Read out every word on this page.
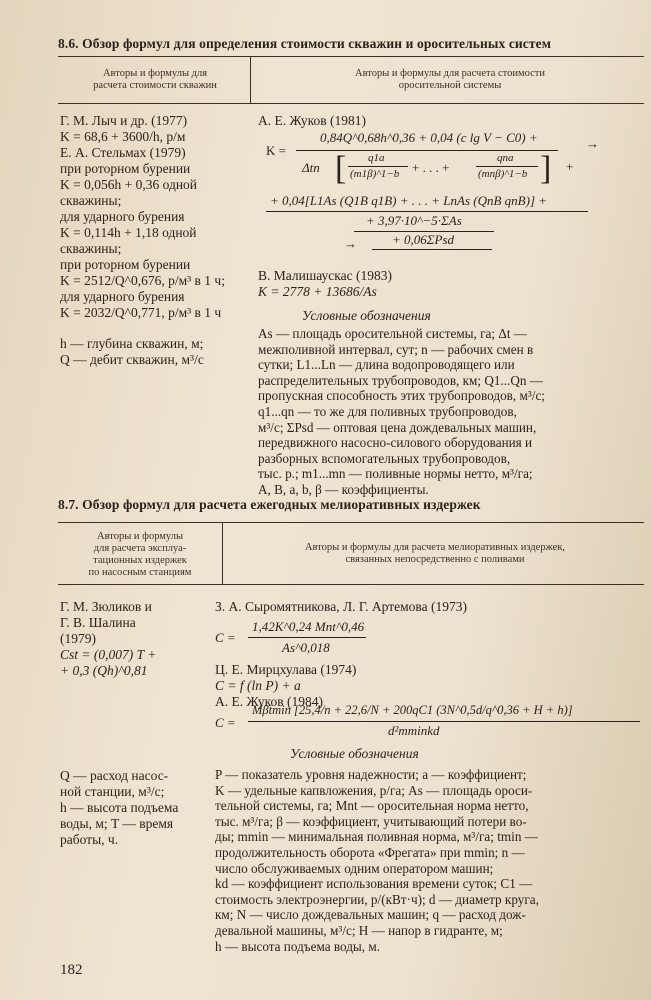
8.6. Обзор формул для определения стоимости скважин и оросительных систем
Авторы и формулы для
расчета стоимости скважин
Авторы и формулы для расчета стоимости
оросительной системы
Г. М. Лыч и др. (1977)
K = 68,6 + 3600/h, р/м
Е. А. Стельмах (1979)
при роторном бурении
K = 0,056h + 0,36 одной
скважины;
для ударного бурения
K = 0,114h + 1,18 одной
скважины;
при роторном бурении
K = 2512/Q^0,676, р/м³ в 1 ч;
для ударного бурения
K = 2032/Q^0,771, р/м³ в 1 ч
h — глубина скважин, м;
Q — дебит скважин, м³/с
А. Е. Жуков (1981)
K =
0,84Q^0,68h^0,36 + 0,04 (c lg V − C0) +
Δtn [ q1a
(m1β)^1−b + . . . +
qna
(mnβ)^1−b ] +
→
+ 0,04[L1As (Q1B q1B) + . . . + LnAs (QnB qnB)] +
+ 3,97·10^−5·ΣAs
→	+ 0,06ΣPsd
В. Малишаускас (1983)
K = 2778 + 13686/As
Условные обозначения
As — площадь оросительной системы, га; Δt —
межполивной интервал, сут; n — рабочих смен в
сутки; L1...Ln — длина водопроводящего или
распределительных трубопроводов, км; Q1...Qn —
пропускная способность этих трубопроводов, м³/с;
q1...qn — то же для поливных трубопроводов,
м³/с; ΣPsd — оптовая цена дождевальных машин,
передвижного насосно-силового оборудования и
разборных вспомогательных трубопроводов,
тыс. р.; m1...mn — поливные нормы нетто, м³/га;
A, B, a, b, β — коэффициенты.
8.7. Обзор формул для расчета ежегодных мелиоративных издержек
Авторы и формулы
для расчета эксплуа-
тационных издержек
по насосным станциям
Авторы и формулы для расчета мелиоративных издержек,
связанных непосредственно с поливами
Г. М. Зюликов и
Г. В. Шалина
(1979)
Cst = (0,007) T +
+ 0,3 (Qh)^0,81
Q — расход насос-
ной станции, м³/с;
h — высота подъема
воды, м; T — время
работы, ч.
З. А. Сыромятникова, Л. Г. Артемова (1973)
C =
1,42K^0,24 Mnt^0,46
As^0,018
Ц. Е. Мирцхулава (1974)
C = f (ln P) + a
А. Е. Жуков (1984)
C =
Mβtmin [25,4/n + 22,6/N + 200qC1 (3N^0,5d/q^0,36 + H + h)]
d²mminkd
Условные обозначения
P — показатель уровня надежности; a — коэффициент;
K — удельные капвложения, р/га; As — площадь ороси-
тельной системы, га; Mnt — оросительная норма нетто,
тыс. м³/га; β — коэффициент, учитывающий потери во-
ды; mmin — минимальная поливная норма, м³/га; tmin —
продолжительность оборота «Фрегата» при mmin; n —
число обслуживаемых одним оператором машин;
kd — коэффициент использования времени суток; C1 —
стоимость электроэнергии, р/(кВт·ч); d — диаметр круга,
км; N — число дождевальных машин; q — расход дож-
девальной машины, м³/с; H — напор в гидранте, м;
h — высота подъема воды, м.
182
